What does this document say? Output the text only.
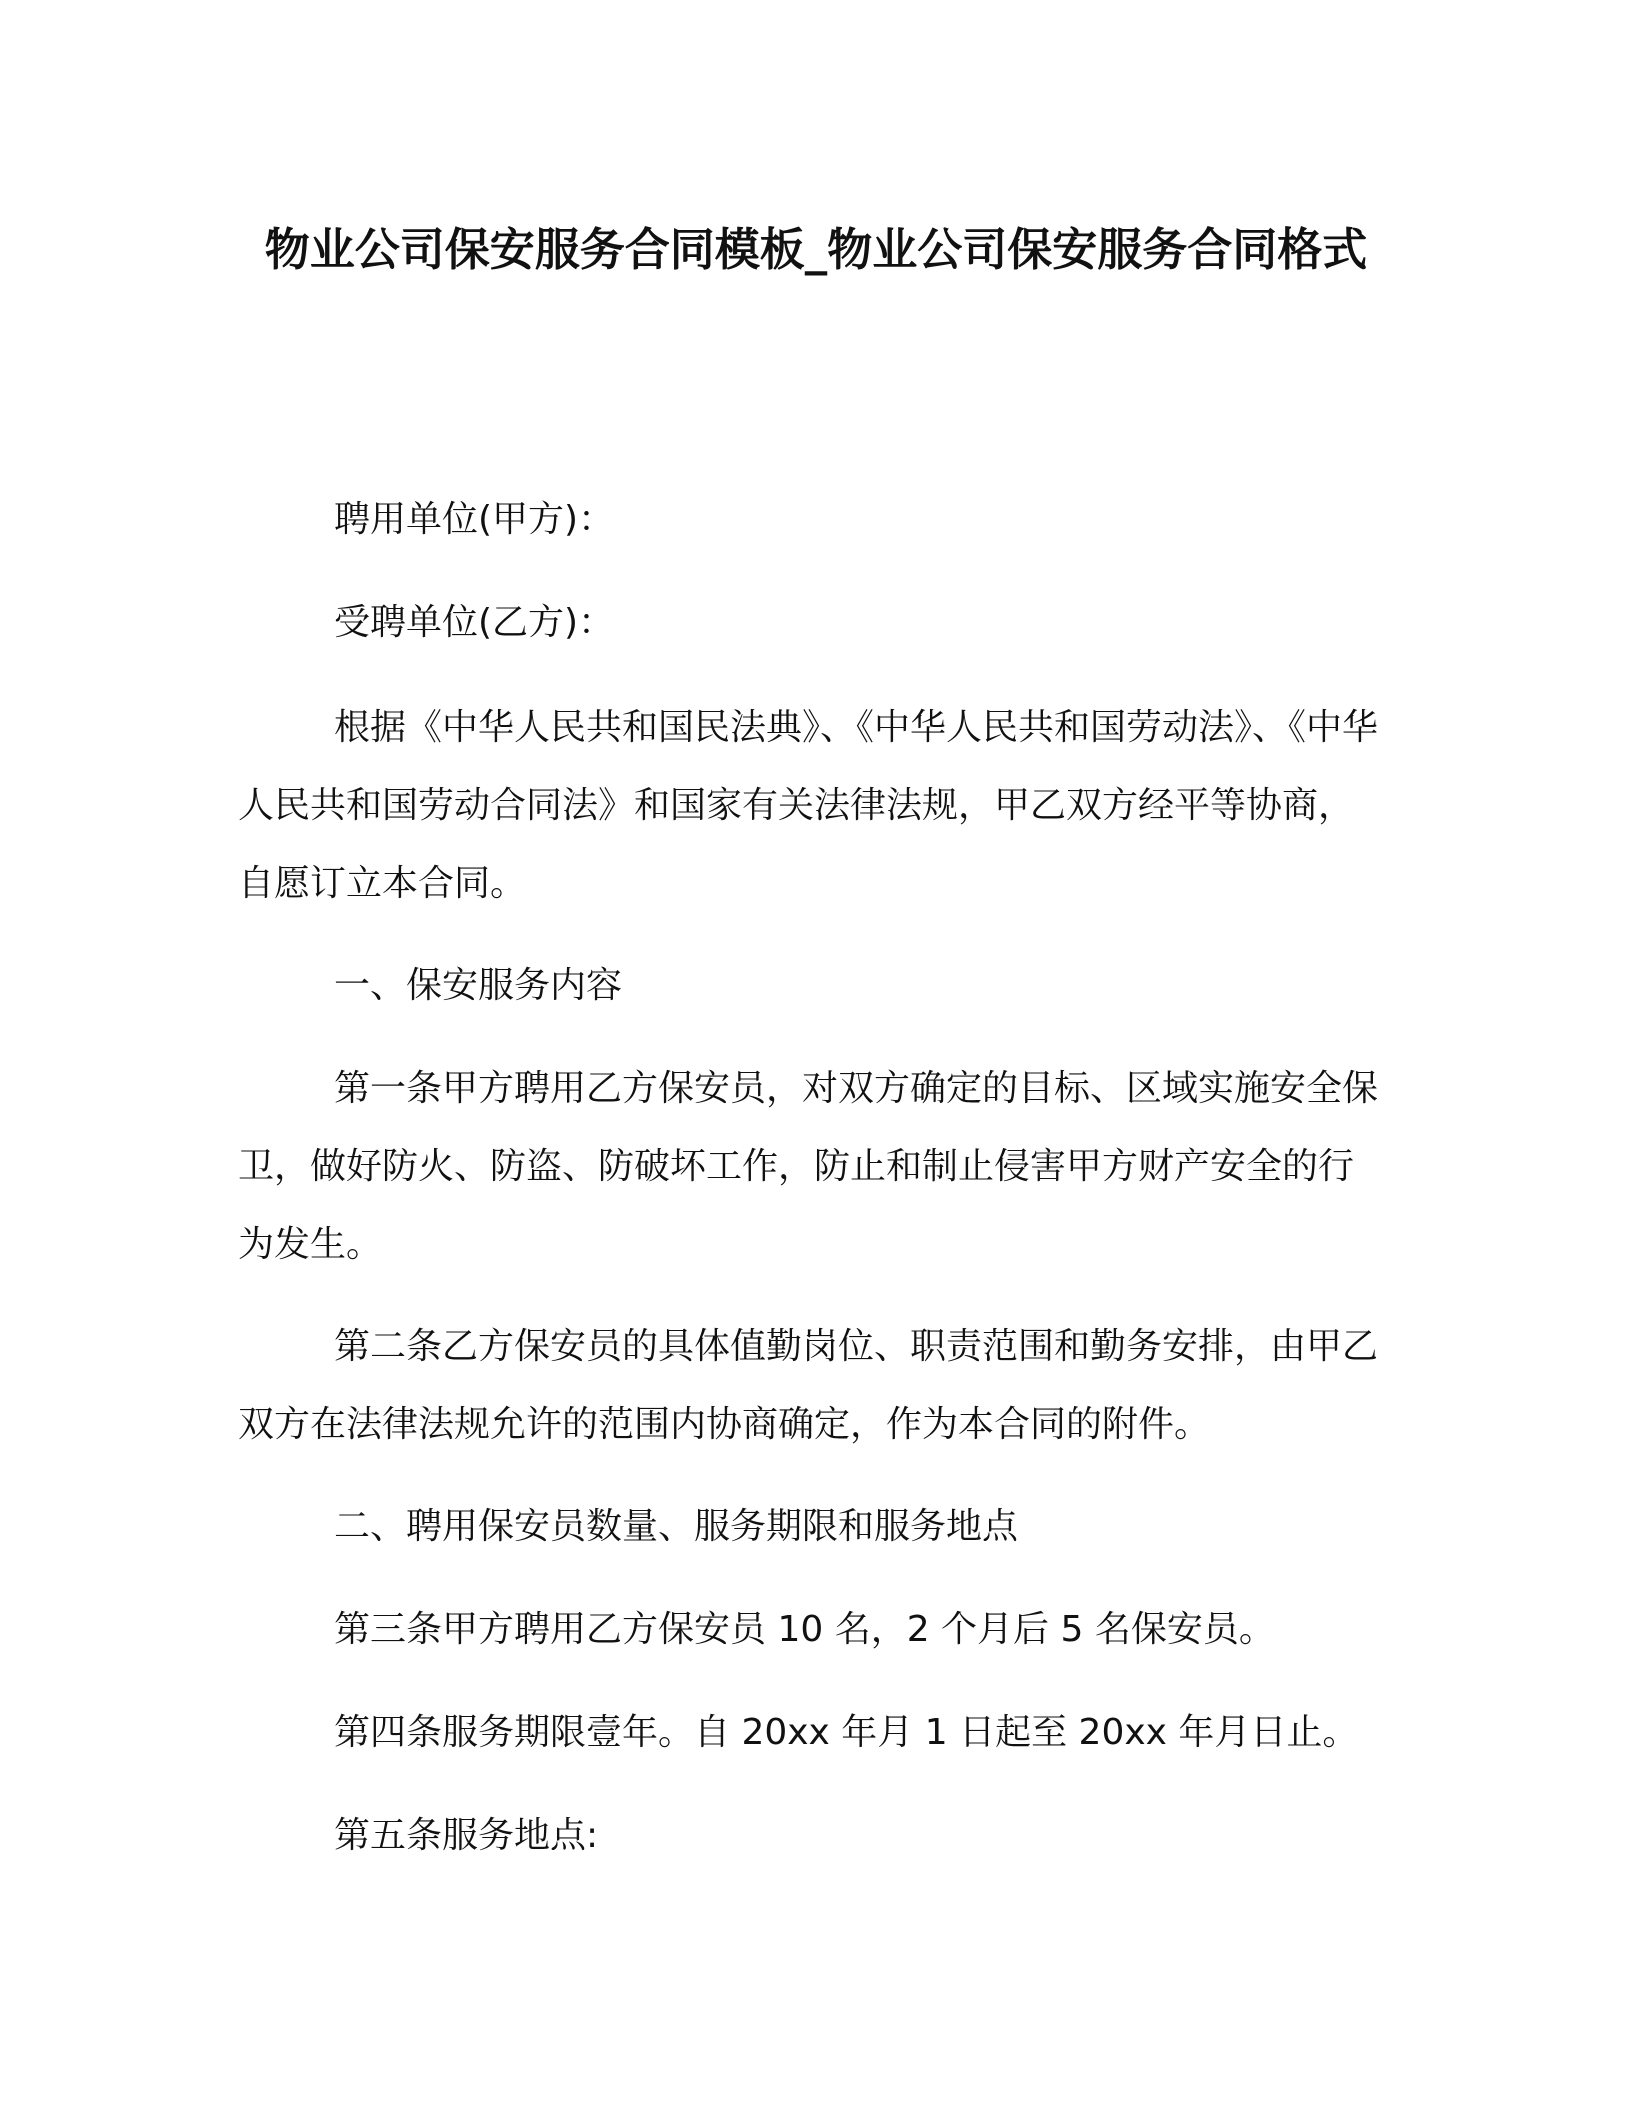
物业公司保安服务合同模板_物业公司保安服务合同格式

聘用单位(甲方)：

受聘单位(乙方)：

根据《中华人民共和国民法典》、《中华人民共和国劳动法》、《中华人民共和国劳动合同法》和国家有关法律法规，甲乙双方经平等协商，自愿订立本合同。

一、保安服务内容

第一条甲方聘用乙方保安员，对双方确定的目标、区域实施安全保卫，做好防火、防盗、防破坏工作，防止和制止侵害甲方财产安全的行为发生。

第二条乙方保安员的具体值勤岗位、职责范围和勤务安排，由甲乙双方在法律法规允许的范围内协商确定，作为本合同的附件。

二、聘用保安员数量、服务期限和服务地点

第三条甲方聘用乙方保安员 10 名，2 个月后 5 名保安员。

第四条服务期限壹年。自 20xx 年月 1 日起至 20xx 年月日止。

第五条服务地点:
